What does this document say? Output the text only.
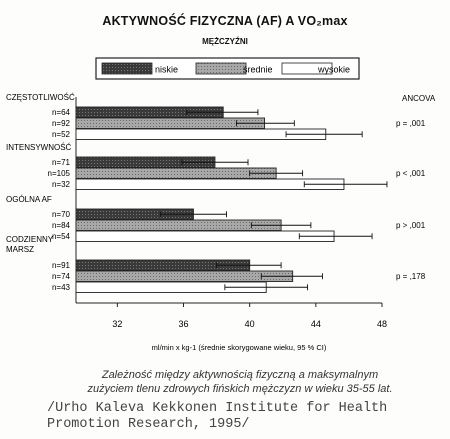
AKTYWNOŚĆ FIZYCZNA (AF) A VO₂max
MĘŻCZYŹNI
niskie	średnie	wysokie
ANCOVA
CZĘSTOTLIWOŚĆ
p = ,001
n=64
n=92
n=52
INTENSYWNOŚĆ
p < ,001
n=71
n=105
n=32
OGÓLNA AF
p > ,001
n=70
n=84
n=54
CODZIENNY
MARSZ
p = ,178
n=91
n=74
n=43
32	36	40	44	48
ml/min x kg-1 (średnie skorygowane wieku, 95 % CI)
Zależność między aktywnością fizyczną a maksymalnym
zużyciem tlenu zdrowych fińskich mężczyzn w wieku 35-55 lat.
/Urho Kaleva Kekkonen Institute for Health
Promotion Research, 1995/
